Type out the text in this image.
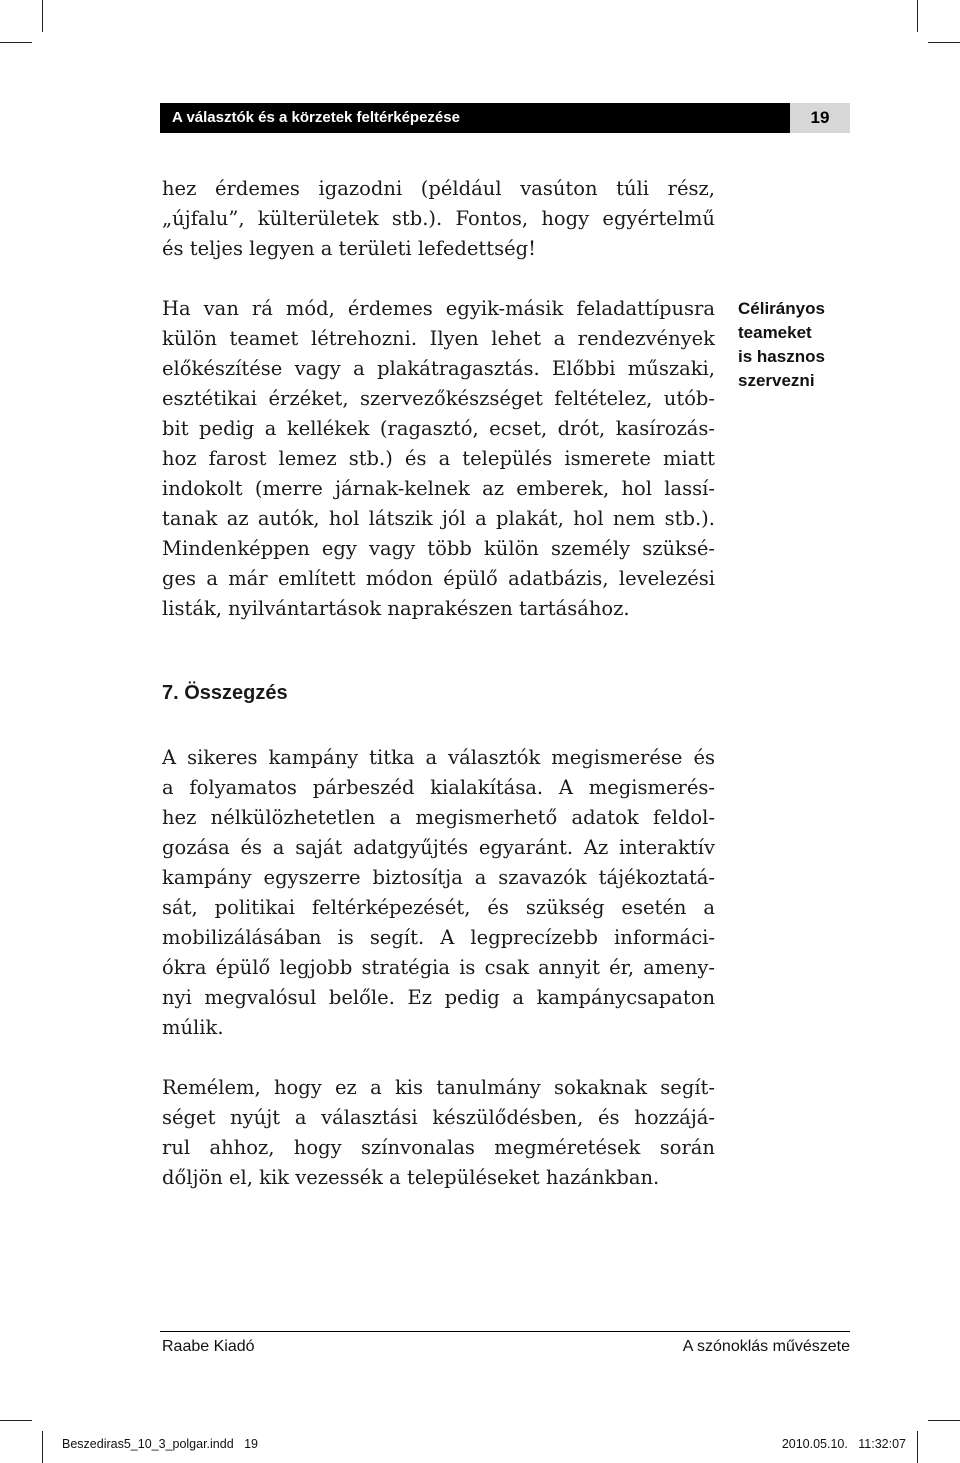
A választók és a körzetek feltérképezése	19
hez érdemes igazodni (például vasúton túli rész,
„újfalu”, külterületek stb.). Fontos, hogy egyértelmű
és teljes legyen a területi lefedettség!
Ha van rá mód, érdemes egyik-másik feladattípusra
külön teamet létrehozni. Ilyen lehet a rendezvények
előkészítése vagy a plakátragasztás. Előbbi műszaki,
esztétikai érzéket, szervezőkészséget feltételez, utób-
bit pedig a kellékek (ragasztó, ecset, drót, kasírozás-
hoz farost lemez stb.) és a település ismerete miatt
indokolt (merre járnak-kelnek az emberek, hol lassí-
tanak az autók, hol látszik jól a plakát, hol nem stb.).
Mindenképpen egy vagy több külön személy szüksé-
ges a már említett módon épülő adatbázis, levelezési
listák, nyilvántartások naprakészen tartásához.
Célirányos
teameket
is hasznos
szervezni
7. Összegzés
A sikeres kampány titka a választók megismerése és
a folyamatos párbeszéd kialakítása. A megismerés-
hez nélkülözhetetlen a megismerhető adatok feldol-
gozása és a saját adatgyűjtés egyaránt. Az interaktív
kampány egyszerre biztosítja a szavazók tájékoztatá-
sát, politikai feltérképezését, és szükség esetén a
mobilizálásában is segít. A legprecízebb informáci-
ókra épülő legjobb stratégia is csak annyit ér, ameny-
nyi megvalósul belőle. Ez pedig a kampánycsapaton
múlik.
Remélem, hogy ez a kis tanulmány sokaknak segít-
séget nyújt a választási készülődésben, és hozzájá-
rul ahhoz, hogy színvonalas megméretések során
dőljön el, kik vezessék a településeket hazánkban.
Raabe Kiadó	A szónoklás művészete
Beszediras5_10_3_polgar.indd   19	2010.05.10.   11:32:07
